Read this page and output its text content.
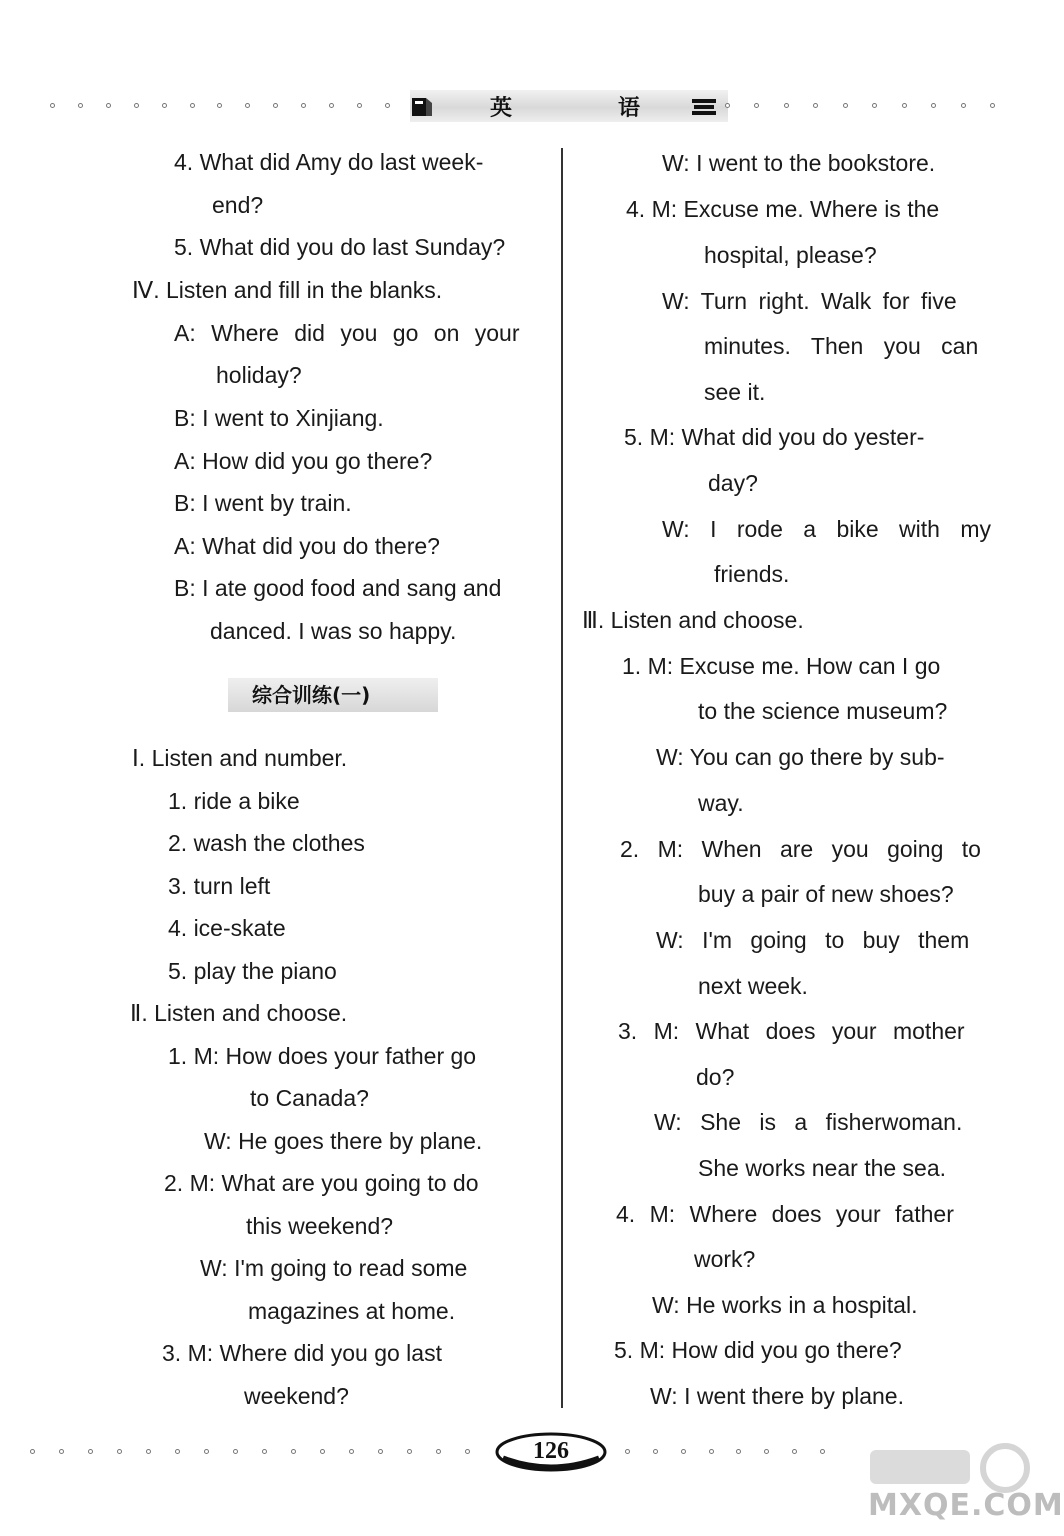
英	语
4. What did Amy do last week-
end?
5. What did you do last Sunday?
Ⅳ. Listen and fill in the blanks.
A: Where did you go on your
holiday?
B: I went to Xinjiang.
A: How did you go there?
B: I went by train.
A: What did you do there?
B: I ate good food and sang and
danced. I was so happy.
综合训练(一)
Ⅰ. Listen and number.
1. ride a bike
2. wash the clothes
3. turn left
4. ice-skate
5. play the piano
Ⅱ. Listen and choose.
1. M: How does your father go
to Canada?
W: He goes there by plane.
2. M: What are you going to do
this weekend?
W: I'm going to read some
magazines at home.
3. M: Where did you go last
weekend?
W: I went to the bookstore.
4. M: Excuse me. Where is the
hospital, please?
W: Turn right. Walk for five
minutes. Then you can
see it.
5. M: What did you do yester-
day?
W: I rode a bike with my
friends.
Ⅲ. Listen and choose.
1. M: Excuse me. How can I go
to the science museum?
W: You can go there by sub-
way.
2. M: When are you going to
buy a pair of new shoes?
W: I'm going to buy them
next week.
3. M: What does your mother
do?
W: She is a fisherwoman.
She works near the sea.
4. M: Where does your father
work?
W: He works in a hospital.
5. M: How did you go there?
W: I went there by plane.
126
MXQE.COM
